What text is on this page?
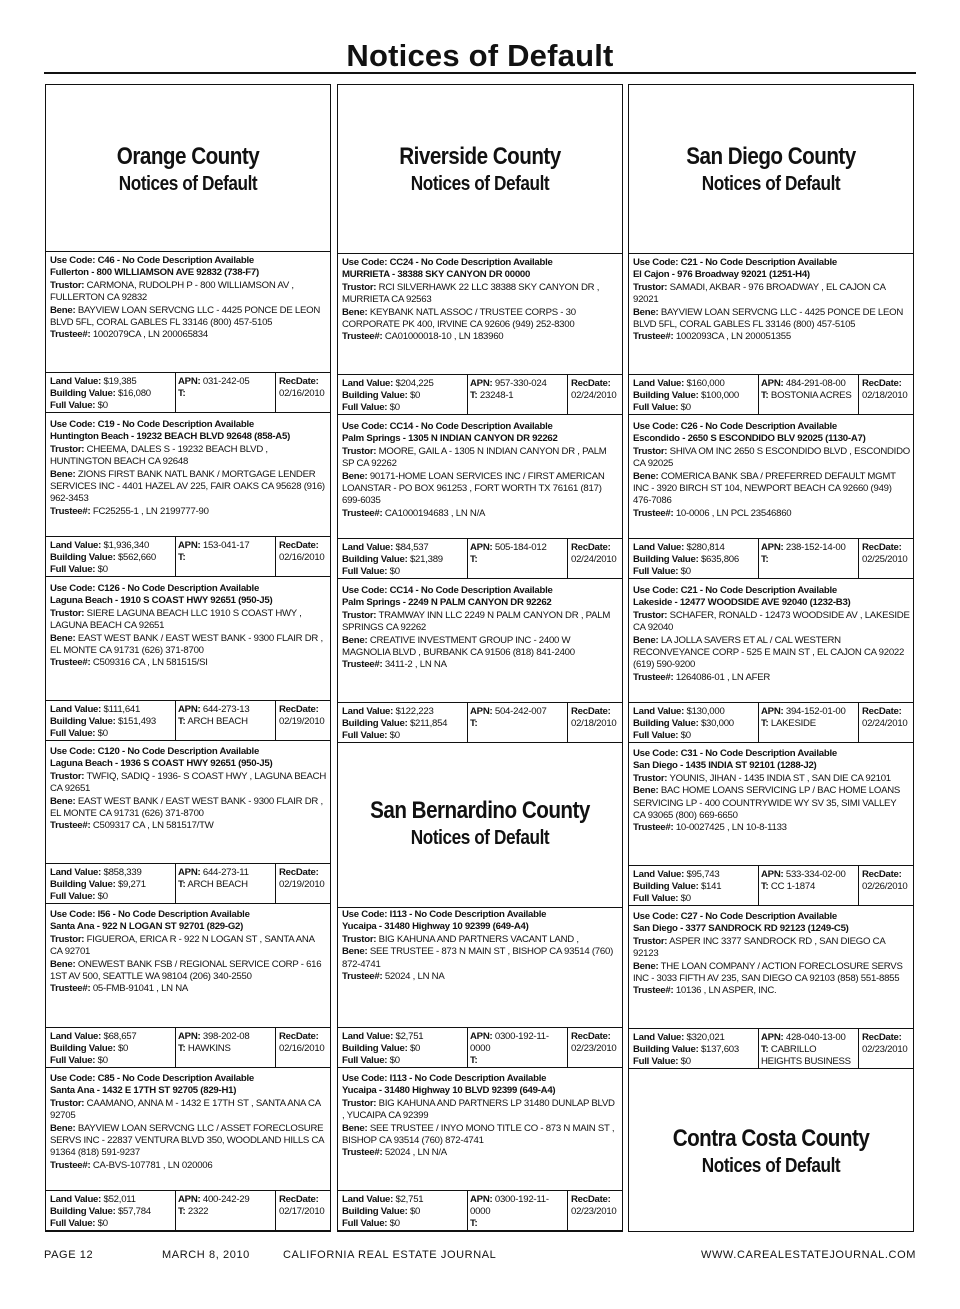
Notices of Default
Orange County
Notices of Default
Use Code: C46 - No Code Description Available
Fullerton - 800 WILLIAMSON AVE 92832 (738-F7)
Trustor: CARMONA, RUDOLPH P - 800 WILLIAMSON AV , FULLERTON CA 92832
Bene: BAYVIEW LOAN SERVCNG LLC - 4425 PONCE DE LEON BLVD 5FL, CORAL GABLES FL 33146 (800) 457-5105
Trustee#: 1002079CA , LN 200065834
Land Value: $19,385
Building Value: $16,080
Full Value: $0
APN: 031-242-05
T:
RecDate:
02/16/2010
Use Code: C19 - No Code Description Available
Huntington Beach - 19232 BEACH BLVD 92648 (858-A5)
Trustor: CHEEMA, DALES S - 19232 BEACH BLVD , HUNTINGTON BEACH CA 92648
Bene: ZIONS FIRST BANK NATL BANK / MORTGAGE LENDER SERVICES INC - 4401 HAZEL AV 225, FAIR OAKS CA 95628 (916) 962-3453
Trustee#: FC25255-1 , LN 2199777-90
Land Value: $1,936,340
Building Value: $562,660
Full Value: $0
APN: 153-041-17
T:
RecDate:
02/16/2010
Use Code: C126 - No Code Description Available
Laguna Beach - 1910 S COAST HWY 92651 (950-J5)
Trustor: SIERE LAGUNA BEACH LLC 1910 S COAST HWY , LAGUNA BEACH CA 92651
Bene: EAST WEST BANK / EAST WEST BANK - 9300 FLAIR DR , EL MONTE CA 91731 (626) 371-8700
Trustee#: C509316 CA , LN 581515/SI
Land Value: $111,641
Building Value: $151,493
Full Value: $0
APN: 644-273-13
T: ARCH BEACH
RecDate:
02/19/2010
Use Code: C120 - No Code Description Available
Laguna Beach - 1936 S COAST HWY 92651 (950-J5)
Trustor: TWFIQ, SADIQ - 1936- S COAST HWY , LAGUNA BEACH CA 92651
Bene: EAST WEST BANK / EAST WEST BANK - 9300 FLAIR DR , EL MONTE CA 91731 (626) 371-8700
Trustee#: C509317 CA , LN 581517/TW
Land Value: $858,339
Building Value: $9,271
Full Value: $0
APN: 644-273-11
T: ARCH BEACH
RecDate:
02/19/2010
Use Code: I56 - No Code Description Available
Santa Ana - 922 N LOGAN ST 92701 (829-G2)
Trustor: FIGUEROA, ERICA R - 922 N LOGAN ST , SANTA ANA CA 92701
Bene: ONEWEST BANK FSB / REGIONAL SERVICE CORP - 616 1ST AV 500, SEATTLE WA 98104 (206) 340-2550
Trustee#: 05-FMB-91041 , LN NA
Land Value: $68,657
Building Value: $0
Full Value: $0
APN: 398-202-08
T: HAWKINS
RecDate:
02/16/2010
Use Code: C85 - No Code Description Available
Santa Ana - 1432 E 17TH ST 92705 (829-H1)
Trustor: CAAMANO, ANNA M - 1432 E 17TH ST , SANTA ANA CA 92705
Bene: BAYVIEW LOAN SERVCNG LLC / ASSET FORECLOSURE SERVS INC - 22837 VENTURA BLVD 350, WOODLAND HILLS CA 91364 (818) 591-9237
Trustee#: CA-BVS-107781 , LN 020006
Land Value: $52,011
Building Value: $57,784
Full Value: $0
APN: 400-242-29
T: 2322
RecDate:
02/17/2010
Riverside County
Notices of Default
San Bernardino County
Notices of Default
Use Code: CC24 - No Code Description Available
MURRIETA - 38388 SKY CANYON DR 00000
Trustor: RCI SILVERHAWK 22 LLC 38388 SKY CANYON DR , MURRIETA CA 92563
Bene: KEYBANK NATL ASSOC / TRUSTEE CORPS - 30 CORPORATE PK 400, IRVINE CA 92606 (949) 252-8300
Trustee#: CA01000018-10 , LN 183960
Land Value: $204,225
Building Value: $0
Full Value: $0
APN: 957-330-024
T: 23248-1
RecDate:
02/24/2010
Use Code: CC14 - No Code Description Available
Palm Springs - 1305 N INDIAN CANYON DR 92262
Trustor: MOORE, GAIL A - 1305 N INDIAN CANYON DR , PALM SP CA 92262
Bene: 90171-HOME LOAN SERVICES INC / FIRST AMERICAN LOANSTAR - PO BOX 961253 , FORT WORTH TX 76161 (817) 699-6035
Trustee#: CA1000194683 , LN N/A
Land Value: $84,537
Building Value: $21,389
Full Value: $0
APN: 505-184-012
T:
RecDate:
02/24/2010
Use Code: CC14 - No Code Description Available
Palm Springs - 2249 N PALM CANYON DR 92262
Trustor: TRAMWAY INN LLC 2249 N PALM CANYON DR , PALM SPRINGS CA 92262
Bene: CREATIVE INVESTMENT GROUP INC - 2400 W MAGNOLIA BLVD , BURBANK CA 91506 (818) 841-2400
Trustee#: 3411-2 , LN NA
Land Value: $122,223
Building Value: $211,854
Full Value: $0
APN: 504-242-007
T:
RecDate:
02/18/2010
Use Code: I113 - No Code Description Available
Yucaipa - 31480 Highway 10 92399 (649-A4)
Trustor: BIG KAHUNA AND PARTNERS VACANT LAND ,
Bene: SEE TRUSTEE - 873 N MAIN ST , BISHOP CA 93514 (760) 872-4741
Trustee#: 52024 , LN NA
Land Value: $2,751
Building Value: $0
Full Value: $0
APN: 0300-192-11-0000
T:
RecDate:
02/23/2010
Use Code: I113 - No Code Description Available
Yucaipa - 31480 Highway 10 BLVD 92399 (649-A4)
Trustor: BIG KAHUNA AND PARTNERS LP 31480 DUNLAP BLVD , YUCAIPA CA 92399
Bene: SEE TRUSTEE / INYO MONO TITLE CO - 873 N MAIN ST , BISHOP CA 93514 (760) 872-4741
Trustee#: 52024 , LN N/A
Land Value: $2,751
Building Value: $0
Full Value: $0
APN: 0300-192-11-0000
T:
RecDate:
02/23/2010
San Diego County
Notices of Default
Contra Costa County
Notices of Default
Use Code: C21 - No Code Description Available
El Cajon - 976 Broadway 92021 (1251-H4)
Trustor: SAMADI, AKBAR - 976 BROADWAY , EL CAJON CA 92021
Bene: BAYVIEW LOAN SERVCNG LLC - 4425 PONCE DE LEON BLVD 5FL, CORAL GABLES FL 33146 (800) 457-5105
Trustee#: 1002093CA , LN 200051355
Land Value: $160,000
Building Value: $100,000
Full Value: $0
APN: 484-291-08-00
T: BOSTONIA ACRES
RecDate:
02/18/2010
Use Code: C26 - No Code Description Available
Escondido - 2650 S ESCONDIDO BLV 92025 (1130-A7)
Trustor: SHIVA OM INC 2650 S ESCONDIDO BLVD , ESCONDIDO CA 92025
Bene: COMERICA BANK SBA / PREFERRED DEFAULT MGMT INC - 3920 BIRCH ST 104, NEWPORT BEACH CA 92660 (949) 476-7086
Trustee#: 10-0006 , LN PCL 23546860
Land Value: $280,814
Building Value: $635,806
Full Value: $0
APN: 238-152-14-00
T:
RecDate:
02/25/2010
Use Code: C21 - No Code Description Available
Lakeside - 12477 WOODSIDE AVE 92040 (1232-B3)
Trustor: SCHAFER, RONALD - 12473 WOODSIDE AV , LAKESIDE CA 92040
Bene: LA JOLLA SAVERS ET AL / CAL WESTERN RECONVEYANCE CORP - 525 E MAIN ST , EL CAJON CA 92022 (619) 590-9200
Trustee#: 1264086-01 , LN AFER
Land Value: $130,000
Building Value: $30,000
Full Value: $0
APN: 394-152-01-00
T: LAKESIDE
RecDate:
02/24/2010
Use Code: C31 - No Code Description Available
San Diego - 1435 INDIA ST 92101 (1288-J2)
Trustor: YOUNIS, JIHAN - 1435 INDIA ST , SAN DIE CA 92101
Bene: BAC HOME LOANS SERVICING LP / BAC HOME LOANS SERVICING LP - 400 COUNTRYWIDE WY SV 35, SIMI VALLEY CA 93065 (800) 669-6650
Trustee#: 10-0027425 , LN 10-8-1133
Land Value: $95,743
Building Value: $141
Full Value: $0
APN: 533-334-02-00
T: CC 1-1874
RecDate:
02/26/2010
Use Code: C27 - No Code Description Available
San Diego - 3377 SANDROCK RD 92123 (1249-C5)
Trustor: ASPER INC 3377 SANDROCK RD , SAN DIEGO CA 92123
Bene: THE LOAN COMPANY / ACTION FORECLOSURE SERVS INC - 3033 FIFTH AV 235, SAN DIEGO CA 92103 (858) 551-8855
Trustee#: 10136 , LN ASPER, INC.
Land Value: $320,021
Building Value: $137,603
Full Value: $0
APN: 428-040-13-00
T: CABRILLO HEIGHTS BUSINESS
RecDate:
02/23/2010
PAGE 12	MARCH 8, 2010	CALIFORNIA REAL ESTATE JOURNAL	WWW.CAREALESTATEJOURNAL.COM
